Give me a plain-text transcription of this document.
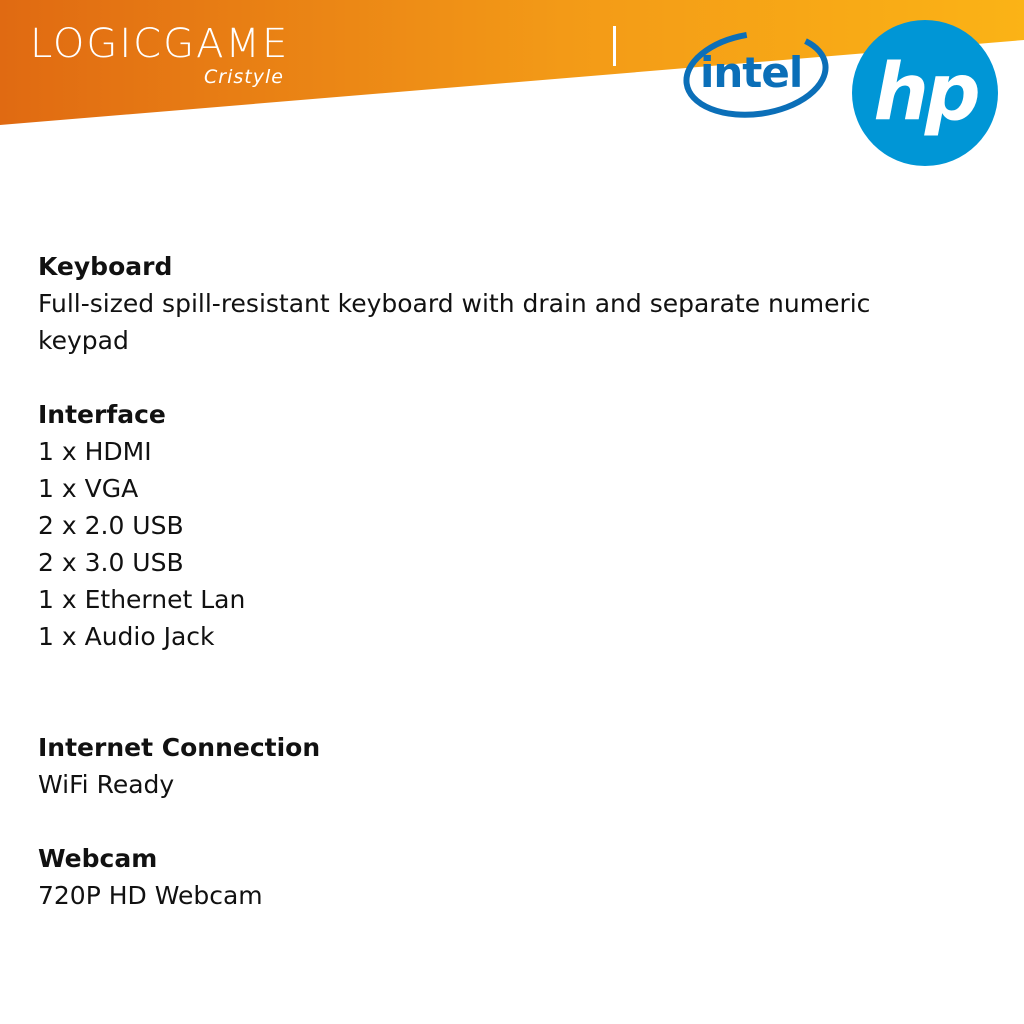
LOGICGAME
Cristyle	intel hp
Keyboard
Full-sized spill-resistant keyboard with drain and separate numeric
keypad
Interface
1 x HDMI
1 x VGA
2 x 2.0 USB
2 x 3.0 USB
1 x Ethernet Lan
1 x Audio Jack
Internet Connection
WiFi Ready
Webcam
720P HD Webcam
